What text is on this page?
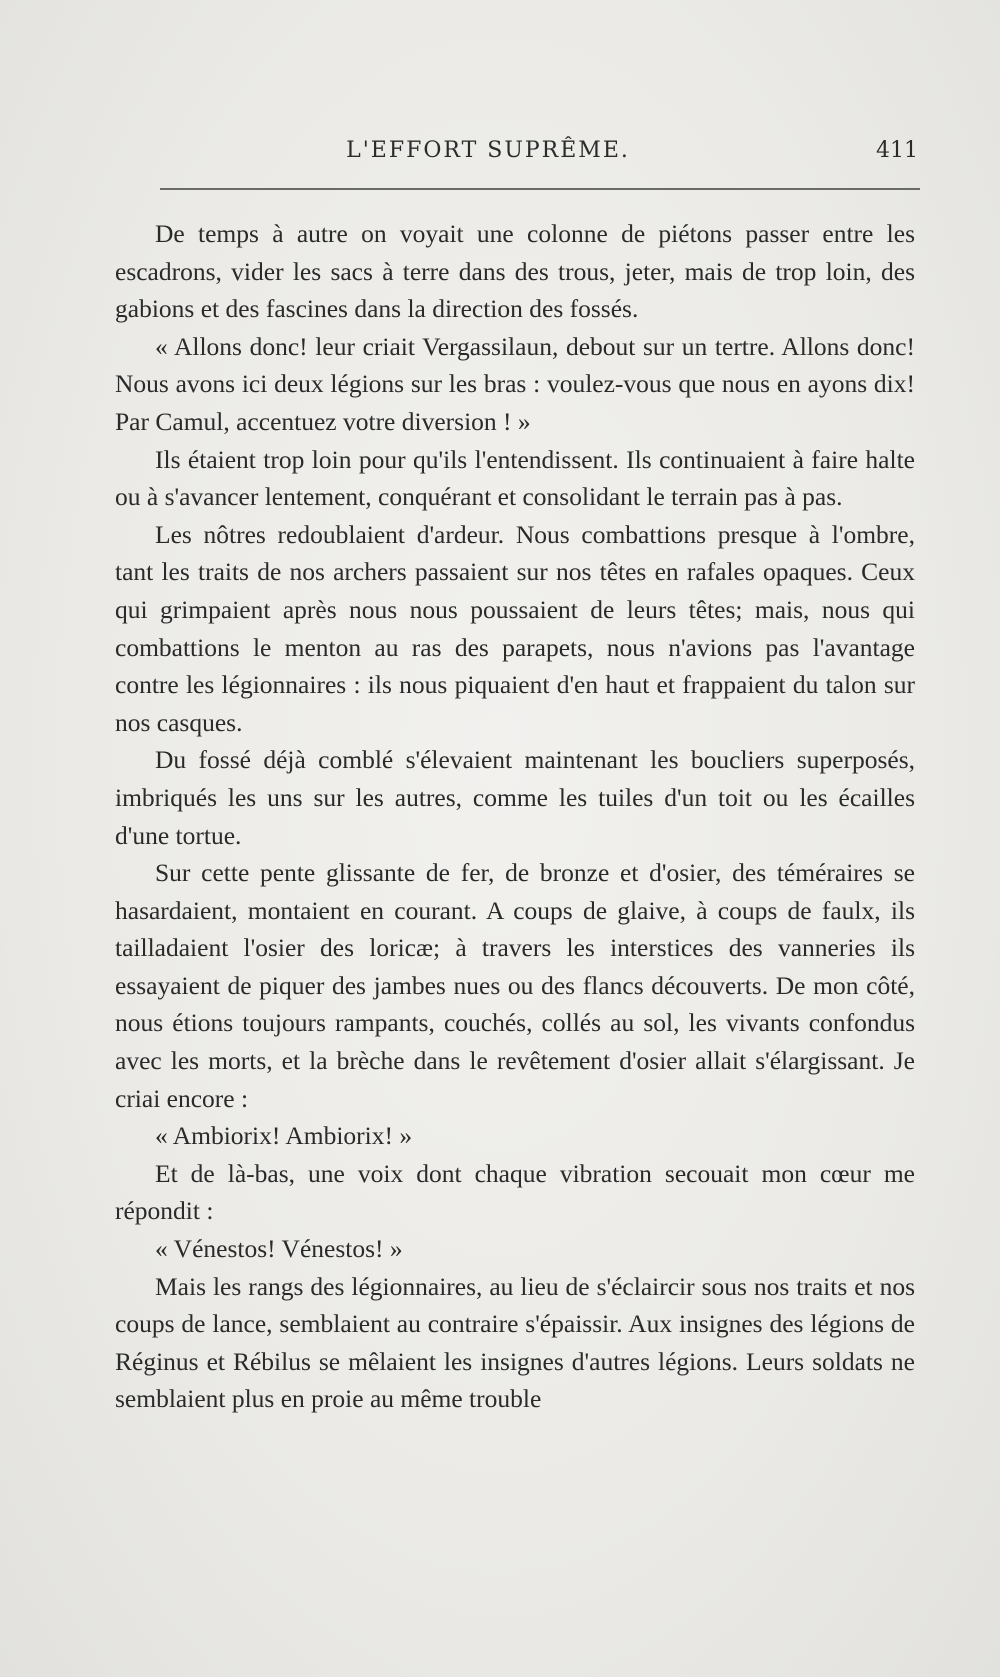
L'EFFORT SUPRÊME.	411

De temps à autre on voyait une colonne de piétons passer entre les escadrons, vider les sacs à terre dans des trous, jeter, mais de trop loin, des gabions et des fascines dans la direction des fossés.

« Allons donc! leur criait Vergassilaun, debout sur un tertre. Allons donc! Nous avons ici deux légions sur les bras : voulez-vous que nous en ayons dix! Par Camul, accentuez votre diversion ! »

Ils étaient trop loin pour qu'ils l'entendissent. Ils continuaient à faire halte ou à s'avancer lentement, conquérant et consolidant le terrain pas à pas.

Les nôtres redoublaient d'ardeur. Nous combattions presque à l'ombre, tant les traits de nos archers passaient sur nos têtes en rafales opaques. Ceux qui grimpaient après nous nous poussaient de leurs têtes; mais, nous qui combattions le menton au ras des parapets, nous n'avions pas l'avantage contre les légionnaires : ils nous piquaient d'en haut et frappaient du talon sur nos casques.

Du fossé déjà comblé s'élevaient maintenant les boucliers superposés, imbriqués les uns sur les autres, comme les tuiles d'un toit ou les écailles d'une tortue.

Sur cette pente glissante de fer, de bronze et d'osier, des téméraires se hasardaient, montaient en courant. A coups de glaive, à coups de faulx, ils tailladaient l'osier des loricæ; à travers les interstices des vanneries ils essayaient de piquer des jambes nues ou des flancs découverts. De mon côté, nous étions toujours rampants, couchés, collés au sol, les vivants confondus avec les morts, et la brèche dans le revêtement d'osier allait s'élargissant. Je criai encore :

« Ambiorix! Ambiorix! »

Et de là-bas, une voix dont chaque vibration secouait mon cœur me répondit :

« Vénestos! Vénestos! »

Mais les rangs des légionnaires, au lieu de s'éclaircir sous nos traits et nos coups de lance, semblaient au contraire s'épaissir. Aux insignes des légions de Réginus et Rébilus se mêlaient les insignes d'autres légions. Leurs soldats ne semblaient plus en proie au même trouble
